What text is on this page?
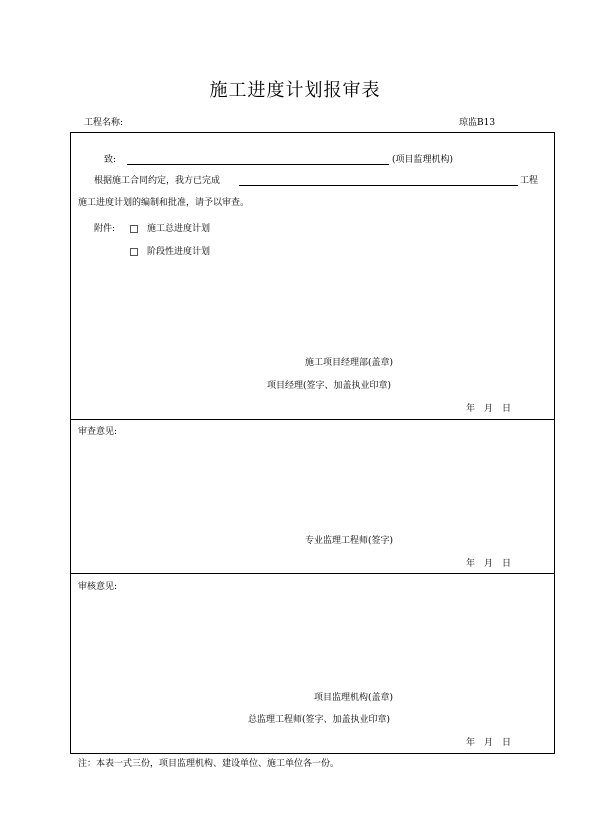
施工进度计划报审表
工程名称:	琼监B13
致:	(项目监理机构)
根据施工合同约定，我方已完成	工程
施工进度计划的编制和批准，请予以审查。
附件:	施工总进度计划
阶段性进度计划
施工项目经理部(盖章)
项目经理(签字、加盖执业印章)
年　月　日
审查意见:
专业监理工程师(签字)
年　月　日
审核意见:
项目监理机构(盖章)
总监理工程师(签字、加盖执业印章)
年　月　日
注：本表一式三份，项目监理机构、建设单位、施工单位各一份。
